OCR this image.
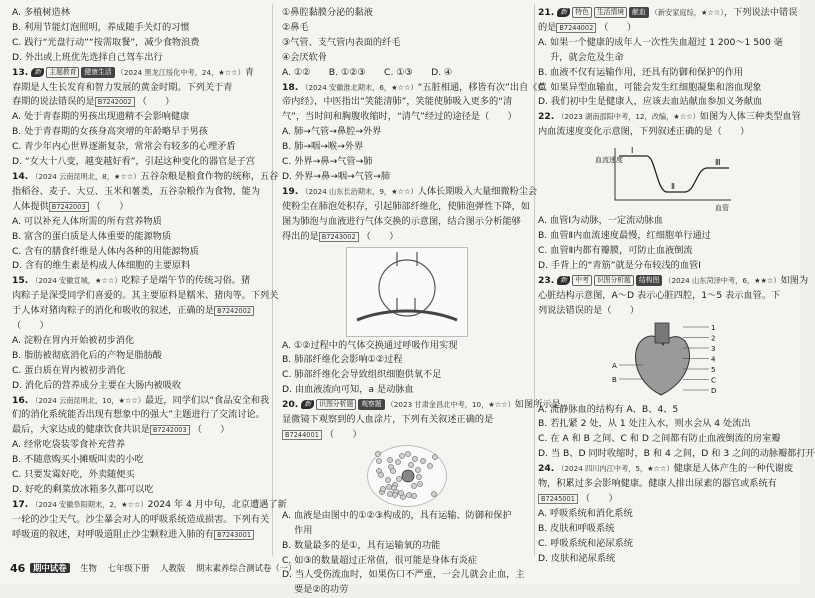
A. 多植树造林
B. 利用节能灯泡照明，养成随手关灯的习惯
C. 践行“光盘行动”“按需取餐”，减少食物浪费
D. 外出或上班优先选择自己驾车出行
13. 新 主题教育 健康生活 （2024 黑龙江绥化中考，24，★☆☆）青
春期是人生长发育和智力发展的黄金时期。下列关于青
春期的说法错误的是 B7242002 （　　）
A. 处于青春期的男孩出现遗精不会影响健康
B. 处于青春期的女孩身高突增的年龄略早于男孩
C. 青少年内心世界逐渐复杂，常常会有较多的心理矛盾
D. “女大十八变，越变越好看”，引起这种变化的器官是子宫
14. （2024 云南昆明北，8，★☆☆）五谷杂粮是粮食作物的统称，五谷
指稻谷、麦子、大豆、玉米和薯类，五谷杂粮作为食物，能为
人体提供 B7242003 （　　）
A. 可以补充人体所需的所有营养物质
B. 富含的蛋白质是人体重要的能源物质
C. 含有的膳食纤维是人体内各种的用能源物质
D. 含有的维生素是构成人体细胞的主要原料
15. （2024 安徽宣城，★☆☆）吃粽子是端午节的传统习俗。猪
肉粽子是深受同学们喜爱的。其主要原料是糯米、猪肉等。下列关
于人体对猪肉粽子的消化和吸收的叙述，正确的是 B7242002
（　　）
A. 淀粉在胃内开始被初步消化
B. 脂肪被彻底消化后的产物是脂肪酸
C. 蛋白质在胃内被初步消化
D. 消化后的营养成分主要在大肠内被吸收
16. （2024 云南昆明北，10，★☆☆）最近，同学们以“食品安全和我
们的消化系统能否出现有想象中的强大”主题进行了交流讨论。
最后，大家达成的健康饮食共识是 B7242003 （　　）
A. 经常吃袋装零食补充营养
B. 不随意购买小摊贩叫卖的小吃
C. 只要发霉好吃，外卖随便买
D. 好吃的剩菜放冰箱多久都可以吃
17. （2024 安徽阜阳期末，2，★☆☆）2024 年 4 月中旬，北京遭遇了新
一轮的沙尘天气。沙尘暴会对人的呼吸系统造成损害。下列有关
呼吸道的叙述，对呼吸道阻止沙尘颗粒进入肺的有 B7243001
①鼻腔黏膜分泌的黏液
②鼻毛
③气管、支气管内表面的纤毛
④会厌软骨
A. ①②　　B. ①②③　　C. ①③　　D. ④
18. （2024 安徽淮北期末，6，★☆☆）“五脏相通，移皆有次”出自《黄
帝内经》，中医指出“笑能清肺”，笑能使肺吸入更多的“清
气”，当时间和胸腹收缩时，“清气”经过的途径是（　　）
A. 肺→气管→鼻腔→外界
B. 肺→咽→喉→外界
C. 外界→鼻→气管→肺
D. 外界→鼻→咽→气管→肺
19. （2024 山东长治期末，9，★☆☆）人体长期吸入大量细微粉尘会
使粉尘在肺泡处积存，引起肺部纤维化，使肺泡弹性下降，如
图为肺泡与血液进行气体交换的示意图，结合图示分析能够
得出的是 B7243002 （　　）
A. ①②过程中的气体交换通过呼吸作用实现
B. 肺部纤维化会影响①②过程
C. 肺部纤维化会导致组织细胞供氧不足
D. 由血液流向可知，a 是动脉血
20. 新 识图分析题 观察题 （2023 甘肃金昌北中考，10，★☆☆）如图所示是
显微镜下观察到的人血涂片，下列有关叙述正确的是
B7244001 （　　）
A. 血液是由图中的①②③构成的，具有运输、防御和保护
　 作用
B. 数量最多的是①，具有运输氧的功能
C. 如③的数量超过正常值，很可能是身体有炎症
D. 当人受伤流血时，如果伤口不严重，一会儿就会止血，主
　 要是②的功劳
21. 新 特色 生活情境 献血 （新安家庭综，★☆☆），下列说法中错误
的是 B7244002 （　　）
A. 如果一个健康的成年人一次性失血超过 1 200～1 500 毫
　 升，就会危及生命
B. 血液不仅有运输作用，还具有防御和保护的作用
C. 如果异型血输血，可能会发生红细胞凝集和溶血现象
D. 我们初中生是健康人，应该去血站献血参加义务献血
22. （2023 湖南邵阳中考，12，改编，★☆☆）如图为人体三种类型血管
内血流速度变化示意图，下列叙述正确的是（　　）
血流速度
血管
Ⅰ
Ⅱ
Ⅲ
A. 血管Ⅰ为动脉，一定流动脉血
B. 血管Ⅱ内血流速度最慢，红细胞单行通过
C. 血管Ⅱ内都有瓣膜，可防止血液倒流
D. 手背上的“青筋”就是分布较浅的血管Ⅰ
23. 新 中考 识图分析题 结构图 （2024 山东菏泽中考，6，★★☆）如图为
心脏结构示意图，A～D 表示心脏四腔，1～5 表示血管。下
列说法错误的是（　　）
A
B
1
2
3
4
5
C
D
A. 流静脉血的结构有 A、B、4、5
B. 若扎紧 2 处，从 1 处注入水，则水会从 4 处流出
C. 在 A 和 B 之间、C 和 D 之间都有防止血液倒流的房室瓣
D. 当 B、D 同时收缩时，B 和 4 之间，D 和 3 之间的动脉瓣都打开
24. （2024 四川内江中考，5，★☆☆）健康是人体产生的一种代谢废
物，积累过多会影响健康。健康人排出尿素的器官或系统有
B7245001 （　　）
A. 呼吸系统和消化系统
B. 皮肤和呼吸系统
C. 呼吸系统和泌尿系统
D. 皮肤和泌尿系统
46 期中试卷 生物 七年级下册 人教版 期末素养综合测试卷（一）
